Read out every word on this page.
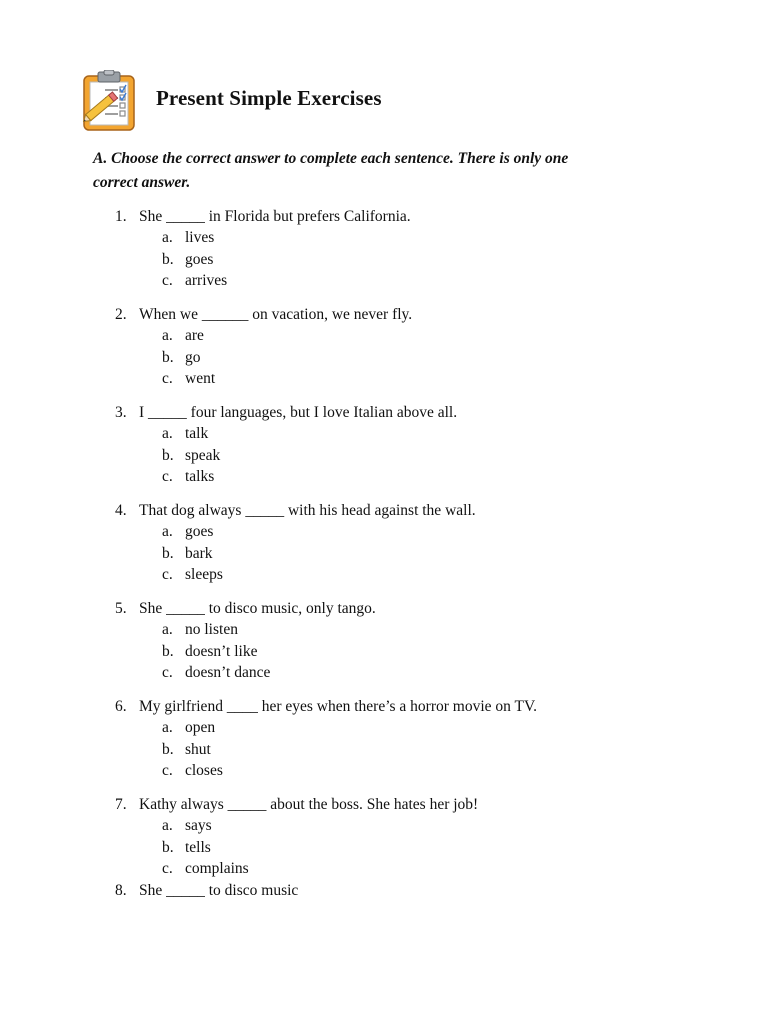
Present Simple Exercises
A. Choose the correct answer to complete each sentence. There is only one
correct answer.
1. She _____ in Florida but prefers California.
a. lives
b. goes
c. arrives
2. When we ______ on vacation, we never fly.
a. are
b. go
c. went
3. I _____ four languages, but I love Italian above all.
a. talk
b. speak
c. talks
4. That dog always _____ with his head against the wall.
a. goes
b. bark
c. sleeps
5. She _____ to disco music, only tango.
a. no listen
b. doesn’t like
c. doesn’t dance
6. My girlfriend ____ her eyes when there’s a horror movie on TV.
a. open
b. shut
c. closes
7. Kathy always _____ about the boss. She hates her job!
a. says
b. tells
c. complains
8. She _____ to disco music
